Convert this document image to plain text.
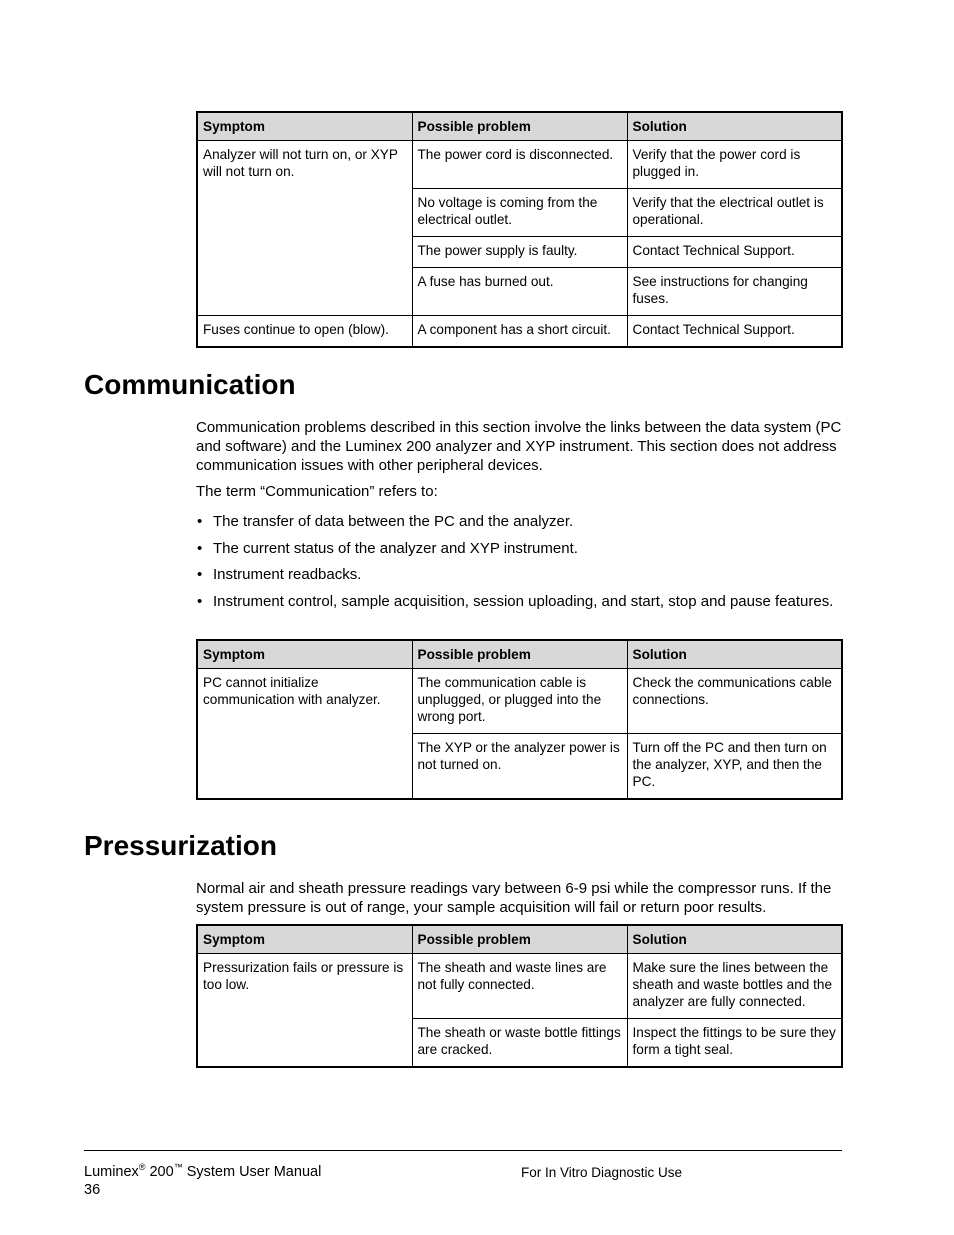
Symptom	Possible problem	Solution
Analyzer will not turn on, or XYP will not turn on.	The power cord is disconnected.	Verify that the power cord is plugged in.
	No voltage is coming from the electrical outlet.	Verify that the electrical outlet is operational.
	The power supply is faulty.	Contact Technical Support.
	A fuse has burned out.	See instructions for changing fuses.
Fuses continue to open (blow).	A component has a short circuit.	Contact Technical Support.
Communication

Communication problems described in this section involve the links between the data system (PC and software) and the Luminex 200 analyzer and XYP instrument. This section does not address communication issues with other peripheral devices.

The term “Communication” refers to:

• The transfer of data between the PC and the analyzer.
• The current status of the analyzer and XYP instrument.
• Instrument readbacks.
• Instrument control, sample acquisition, session uploading, and start, stop and pause features.
Symptom	Possible problem	Solution
PC cannot initialize communication with analyzer.	The communication cable is unplugged, or plugged into the wrong port.	Check the communications cable connections.
	The XYP or the analyzer power is not turned on.	Turn off the PC and then turn on the analyzer, XYP, and then the PC.
Pressurization

Normal air and sheath pressure readings vary between 6-9 psi while the compressor runs. If the system pressure is out of range, your sample acquisition will fail or return poor results.

Symptom	Possible problem	Solution
Pressurization fails or pressure is too low.	The sheath and waste lines are not fully connected.	Make sure the lines between the sheath and waste bottles and the analyzer are fully connected.
	The sheath or waste bottle fittings are cracked.	Inspect the fittings to be sure they form a tight seal.
Luminex® 200™ System User Manual
36
For In Vitro Diagnostic Use
